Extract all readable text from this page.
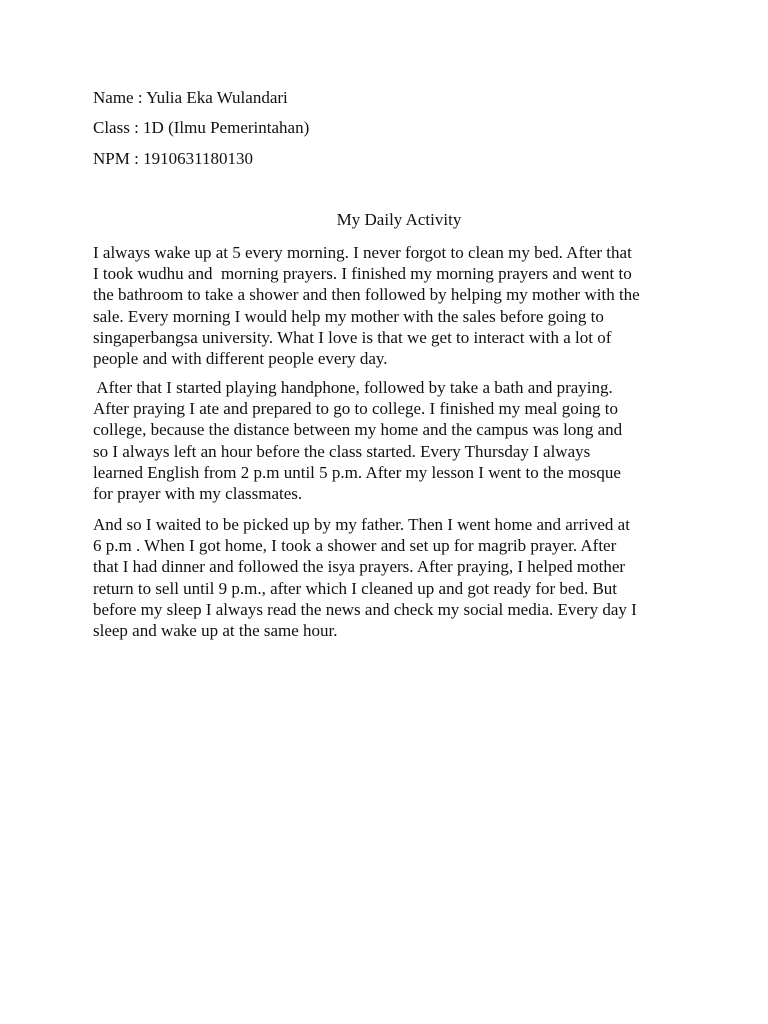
Name : Yulia Eka Wulandari
Class : 1D (Ilmu Pemerintahan)
NPM : 1910631180130
My Daily Activity

I always wake up at 5 every morning. I never forgot to clean my bed. After that
I took wudhu and  morning prayers. I finished my morning prayers and went to
the bathroom to take a shower and then followed by helping my mother with the
sale. Every morning I would help my mother with the sales before going to
singaperbangsa university. What I love is that we get to interact with a lot of
people and with different people every day.

After that I started playing handphone, followed by take a bath and praying.
After praying I ate and prepared to go to college. I finished my meal going to
college, because the distance between my home and the campus was long and
so I always left an hour before the class started. Every Thursday I always
learned English from 2 p.m until 5 p.m. After my lesson I went to the mosque
for prayer with my classmates.

And so I waited to be picked up by my father. Then I went home and arrived at
6 p.m . When I got home, I took a shower and set up for magrib prayer. After
that I had dinner and followed the isya prayers. After praying, I helped mother
return to sell until 9 p.m., after which I cleaned up and got ready for bed. But
before my sleep I always read the news and check my social media. Every day I
sleep and wake up at the same hour.
